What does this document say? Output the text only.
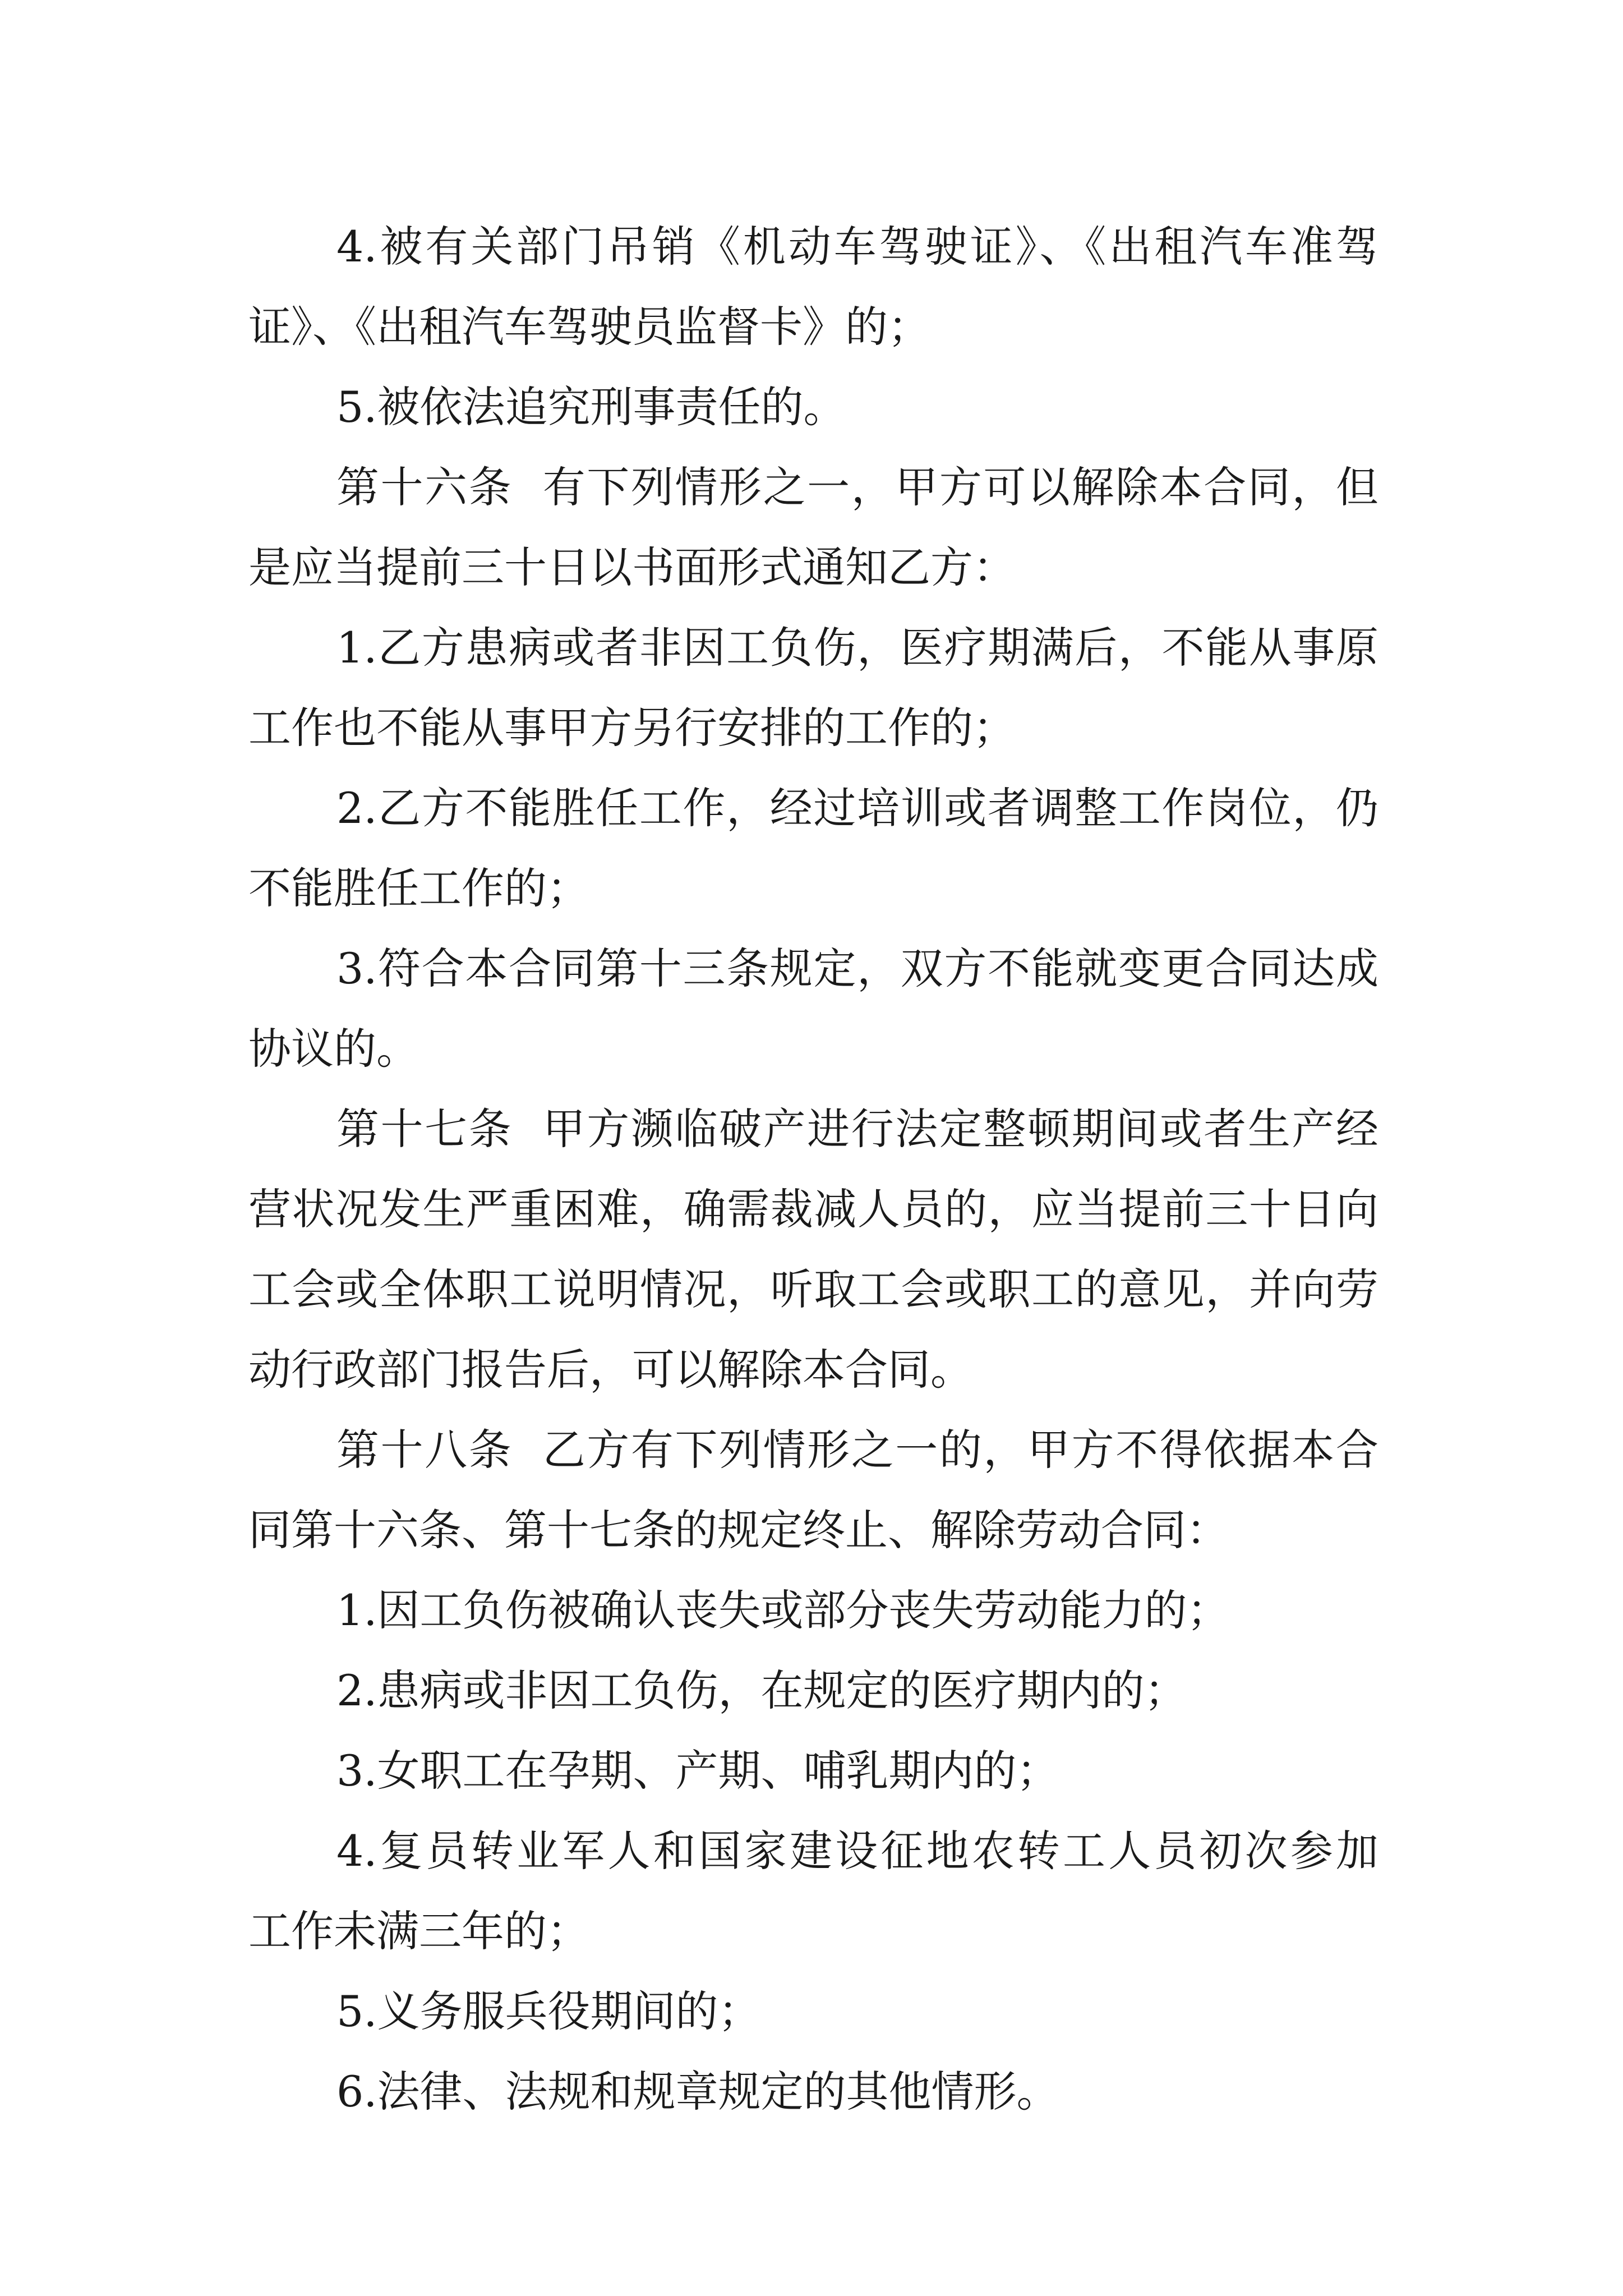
4.被有关部门吊销《机动车驾驶证》、《出租汽车准驾
证》、《出租汽车驾驶员监督卡》的；
5.被依法追究刑事责任的。
第十六条  有下列情形之一，甲方可以解除本合同，但
是应当提前三十日以书面形式通知乙方：
1.乙方患病或者非因工负伤，医疗期满后，不能从事原
工作也不能从事甲方另行安排的工作的；
2.乙方不能胜任工作，经过培训或者调整工作岗位，仍
不能胜任工作的；
3.符合本合同第十三条规定，双方不能就变更合同达成
协议的。
第十七条  甲方濒临破产进行法定整顿期间或者生产经
营状况发生严重困难，确需裁减人员的，应当提前三十日向
工会或全体职工说明情况，听取工会或职工的意见，并向劳
动行政部门报告后，可以解除本合同。
第十八条  乙方有下列情形之一的，甲方不得依据本合
同第十六条、第十七条的规定终止、解除劳动合同：
1.因工负伤被确认丧失或部分丧失劳动能力的；
2.患病或非因工负伤，在规定的医疗期内的；
3.女职工在孕期、产期、哺乳期内的；
4.复员转业军人和国家建设征地农转工人员初次参加
工作未满三年的；
5.义务服兵役期间的；
6.法律、法规和规章规定的其他情形。
